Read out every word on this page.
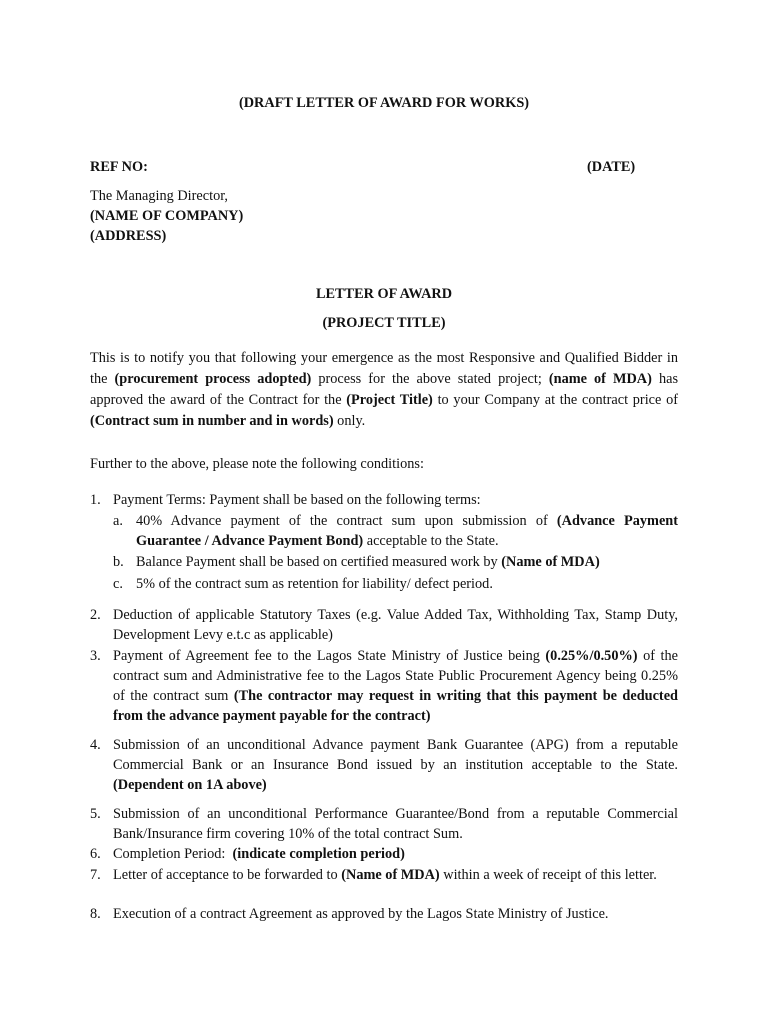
(DRAFT LETTER OF AWARD FOR WORKS)
REF NO:	(DATE)
The Managing Director,
(NAME OF COMPANY)
(ADDRESS)
LETTER OF AWARD
(PROJECT TITLE)
This is to notify you that following your emergence as the most Responsive and Qualified Bidder in the (procurement process adopted) process for the above stated project; (name of MDA) has approved the award of the Contract for the (Project Title) to your Company at the contract price of (Contract sum in number and in words) only.
Further to the above, please note the following conditions:
1. Payment Terms: Payment shall be based on the following terms:
a. 40% Advance payment of the contract sum upon submission of (Advance Payment Guarantee / Advance Payment Bond) acceptable to the State.
b. Balance Payment shall be based on certified measured work by (Name of MDA)
c. 5% of the contract sum as retention for liability/ defect period.
2. Deduction of applicable Statutory Taxes (e.g. Value Added Tax, Withholding Tax, Stamp Duty, Development Levy e.t.c as applicable)
3. Payment of Agreement fee to the Lagos State Ministry of Justice being (0.25%/0.50%) of the contract sum and Administrative fee to the Lagos State Public Procurement Agency being 0.25% of the contract sum (The contractor may request in writing that this payment be deducted from the advance payment payable for the contract)
4. Submission of an unconditional Advance payment Bank Guarantee (APG) from a reputable Commercial Bank or an Insurance Bond issued by an institution acceptable to the State. (Dependent on 1A above)
5. Submission of an unconditional Performance Guarantee/Bond from a reputable Commercial Bank/Insurance firm covering 10% of the total contract Sum.
6. Completion Period:  (indicate completion period)
7. Letter of acceptance to be forwarded to (Name of MDA) within a week of receipt of this letter.
8. Execution of a contract Agreement as approved by the Lagos State Ministry of Justice.
